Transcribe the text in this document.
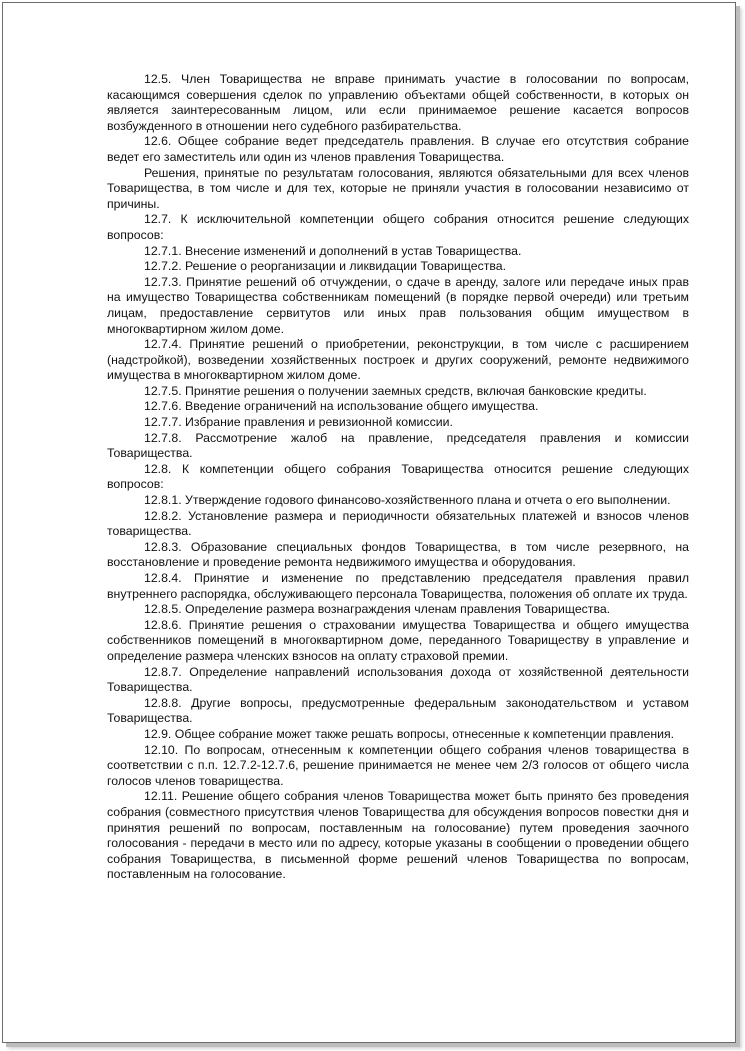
12.5. Член Товарищества не вправе принимать участие в голосовании по вопросам, касающимся совершения сделок по управлению объектами общей собственности, в которых он является заинтересованным лицом, или если принимаемое решение касается вопросов возбужденного в отношении него судебного разбирательства.

12.6. Общее собрание ведет председатель правления. В случае его отсутствия собрание ведет его заместитель или один из членов правления Товарищества.

Решения, принятые по результатам голосования, являются обязательными для всех членов Товарищества, в том числе и для тех, которые не приняли участия в голосовании независимо от причины.

12.7. К исключительной компетенции общего собрания относится решение следующих вопросов:

12.7.1. Внесение изменений и дополнений в устав Товарищества.

12.7.2. Решение о реорганизации и ликвидации Товарищества.

12.7.3. Принятие решений об отчуждении, о сдаче в аренду, залоге или передаче иных прав на имущество Товарищества собственникам помещений (в порядке первой очереди) или третьим лицам, предоставление сервитутов или иных прав пользования общим имуществом в многоквартирном жилом доме.

12.7.4. Принятие решений о приобретении, реконструкции, в том числе с расширением (надстройкой), возведении хозяйственных построек и других сооружений, ремонте недвижимого имущества в многоквартирном жилом доме.

12.7.5. Принятие решения о получении заемных средств, включая банковские кредиты.

12.7.6. Введение ограничений на использование общего имущества.

12.7.7. Избрание правления и ревизионной комиссии.

12.7.8. Рассмотрение жалоб на правление, председателя правления и комиссии Товарищества.

12.8. К компетенции общего собрания Товарищества относится решение следующих вопросов:

12.8.1. Утверждение годового финансово-хозяйственного плана и отчета о его выполнении.

12.8.2. Установление размера и периодичности обязательных платежей и взносов членов товарищества.

12.8.3. Образование специальных фондов Товарищества, в том числе резервного, на восстановление и проведение ремонта недвижимого имущества и оборудования.

12.8.4. Принятие и изменение по представлению председателя правления правил внутреннего распорядка, обслуживающего персонала Товарищества, положения об оплате их труда.

12.8.5. Определение размера вознаграждения членам правления Товарищества.

12.8.6. Принятие решения о страховании имущества Товарищества и общего имущества собственников помещений в многоквартирном доме, переданного Товариществу в управление и определение размера членских взносов на оплату страховой премии.

12.8.7. Определение направлений использования дохода от хозяйственной деятельности Товарищества.

12.8.8. Другие вопросы, предусмотренные федеральным законодательством и уставом Товарищества.

12.9. Общее собрание может также решать вопросы, отнесенные к компетенции правления.

12.10. По вопросам, отнесенным к компетенции общего собрания членов товарищества в соответствии с п.п. 12.7.2-12.7.6, решение принимается не менее чем 2/3 голосов от общего числа голосов членов товарищества.

12.11. Решение общего собрания членов Товарищества может быть принято без проведения собрания (совместного присутствия членов Товарищества для обсуждения вопросов повестки дня и принятия решений по вопросам, поставленным на голосование) путем проведения заочного голосования - передачи в место или по адресу, которые указаны в сообщении о проведении общего собрания Товарищества, в письменной форме решений членов Товарищества по вопросам, поставленным на голосование.
